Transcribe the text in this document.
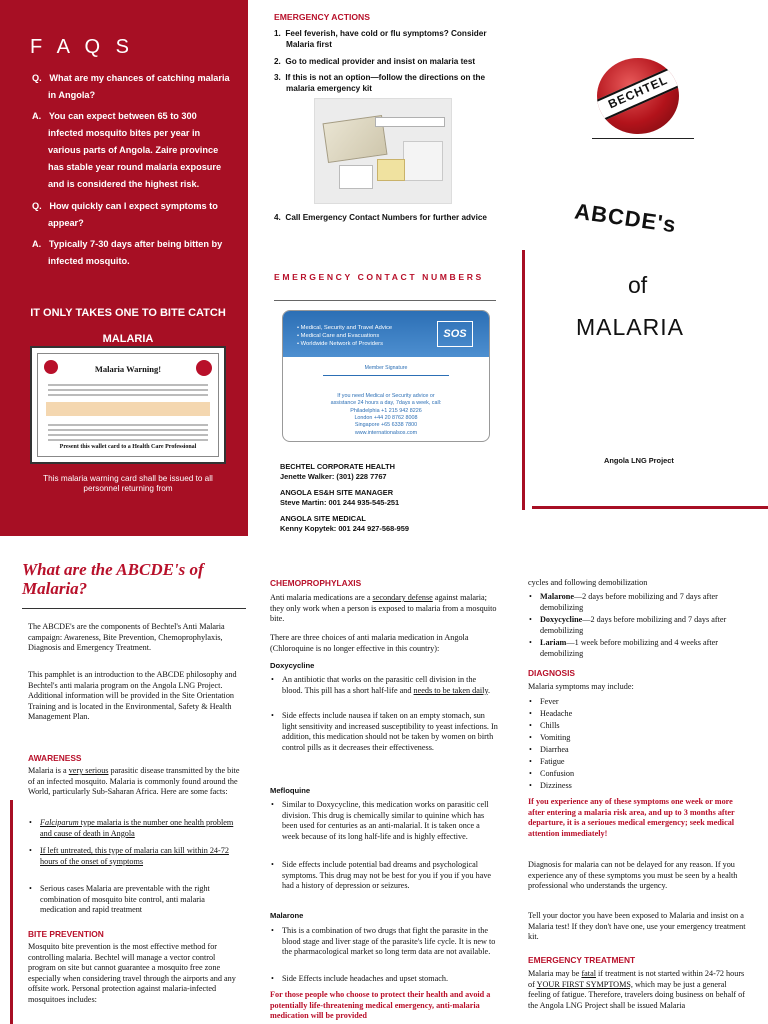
F A Q S
Q. What are my chances of catching malaria in Angola?
A. You can expect between 65 to 300 infected mosquito bites per year in various parts of Angola. Zaire province has stable year round malaria exposure and is considered the highest risk.
Q. How quickly can I expect symptoms to appear?
A. Typically 7-30 days after being bitten by infected mosquito.
IT ONLY TAKES ONE TO BITE CATCH MALARIA
Malaria Warning!
Present this wallet card to a Health Care Professional
This malaria warning card shall be issued to all personnel returning from
EMERGENCY ACTIONS
1. Feel feverish, have cold or flu symptoms? Consider Malaria first
2. Go to medical provider and insist on malaria test
3. If this is not an option—follow the directions on the malaria emergency kit
4. Call Emergency Contact Numbers for further advice
EMERGENCY CONTACT NUMBERS
• Medical, Security and Travel Advice
• Medical Care and Evacuations
• Worldwide Network of Providers
SOS
Member Signature
If you need Medical or Security advice or
assistance 24 hours a day, 7days a week, call:
Philadelphia +1 215 942 8226
London +44 20 8762 8008
Singapore +65 6338 7800
www.internationalsos.com
BECHTEL CORPORATE HEALTH
Jenette Walker: (301) 228 7767
ANGOLA ES&H SITE MANAGER
Steve Martin: 001 244 935-545-251
ANGOLA SITE MEDICAL
Kenny Kopytek: 001 244 927-568-959
BECHTEL
ABCDE's
of
MALARIA
Angola LNG Project
What are the ABCDE's of Malaria?
The ABCDE's are the components of Bechtel's Anti Malaria campaign: Awareness, Bite Prevention, Chemoprophylaxis, Diagnosis and Emergency Treatment.
This pamphlet is an introduction to the ABCDE philosophy and Bechtel's anti malaria program on the Angola LNG Project. Additional information will be provided in the Site Orientation Training and is located in the Environmental, Safety & Health Management Plan.
AWARENESS
Malaria is a very serious parasitic disease transmitted by the bite of an infected mosquito. Malaria is commonly found around the World, particularly Sub-Saharan Africa. Here are some facts:
• Falciparum type malaria is the number one health problem and cause of death in Angola
• If left untreated, this type of malaria can kill within 24-72 hours of the onset of symptoms
• Serious cases Malaria are preventable with the right combination of mosquito bite control, anti malaria medication and rapid treatment
BITE PREVENTION
Mosquito bite prevention is the most effective method for controlling malaria. Bechtel will manage a vector control program on site but cannot guarantee a mosquito free zone especially when considering travel through the airports and any offsite work. Personal protection against malaria-infected mosquitoes includes:
CHEMOPROPHYLAXIS
Anti malaria medications are a secondary defense against malaria; they only work when a person is exposed to malaria from a mosquito bite.
There are three choices of anti malaria medication in Angola (Chloroquine is no longer effective in this country):
Doxycycline
• An antibiotic that works on the parasitic cell division in the blood. This pill has a short half-life and needs to be taken daily.
• Side effects include nausea if taken on an empty stomach, sun light sensitivity and increased susceptibility to yeast infections. In addition, this medication should not be taken by women on birth control pills as it decreases their effectiveness.
Mefloquine
• Similar to Doxycycline, this medication works on parasitic cell division. This drug is chemically similar to quinine which has been used for centuries as an anti-malarial. It is taken once a week because of its long half-life and is highly effective.
• Side effects include potential bad dreams and psychological symptoms. This drug may not be best for you if you if you have had a history of depression or seizures.
Malarone
• This is a combination of two drugs that fight the parasite in the blood stage and liver stage of the parasite's life cycle. It is new to the pharmacological market so long term data are not available.
• Side Effects include headaches and upset stomach.
For those people who choose to protect their health and avoid a potentially life-threatening medical emergency, anti-malaria medication will be provided
cycles and following demobilization
• Malarone—2 days before mobilizing and 7 days after demobilizing
• Doxycycline—2 days before mobilizing and 7 days after demobilizing
• Lariam—1 week before mobilizing and 4 weeks after demobilizing
DIAGNOSIS
Malaria symptoms may include:
• Fever
• Headache
• Chills
• Vomiting
• Diarrhea
• Fatigue
• Confusion
• Dizziness
If you experience any of these symptoms one week or more after entering a malaria risk area, and up to 3 months after departure, it is a serioues medical emergency; seek medical attention immediately!
Diagnosis for malaria can not be delayed for any reason. If you experience any of these symptoms you must be seen by a health professional who understands the urgency.
Tell your doctor you have been exposed to Malaria and insist on a Malaria test! If they don't have one, use your emergency treatment kit.
EMERGENCY TREATMENT
Malaria may be fatal if treatment is not started within 24-72 hours of YOUR FIRST SYMPTOMS, which may be just a general feeling of fatigue. Therefore, travelers doing business on behalf of the Angola LNG Project shall be issued Malaria
